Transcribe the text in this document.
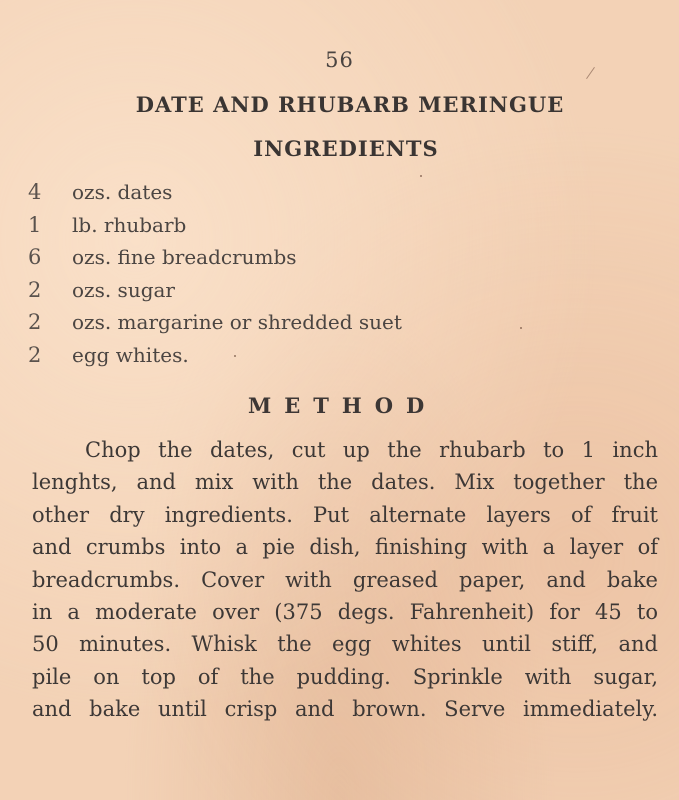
56
DATE AND RHUBARB MERINGUE
INGREDIENTS
4 ozs. dates
1 lb. rhubarb
6 ozs. fine breadcrumbs
2 ozs. sugar
2 ozs. margarine or shredded suet
2 egg whites.
METHOD
Chop the dates, cut up the rhubarb to 1 inch
lenghts, and mix with the dates. Mix together the
other dry ingredients. Put alternate layers of fruit
and crumbs into a pie dish, finishing with a layer of
breadcrumbs. Cover with greased paper, and bake
in a moderate over (375 degs. Fahrenheit) for 45 to
50 minutes. Whisk the egg whites until stiff, and
pile on top of the pudding. Sprinkle with sugar,
and bake until crisp and brown. Serve immediately.
